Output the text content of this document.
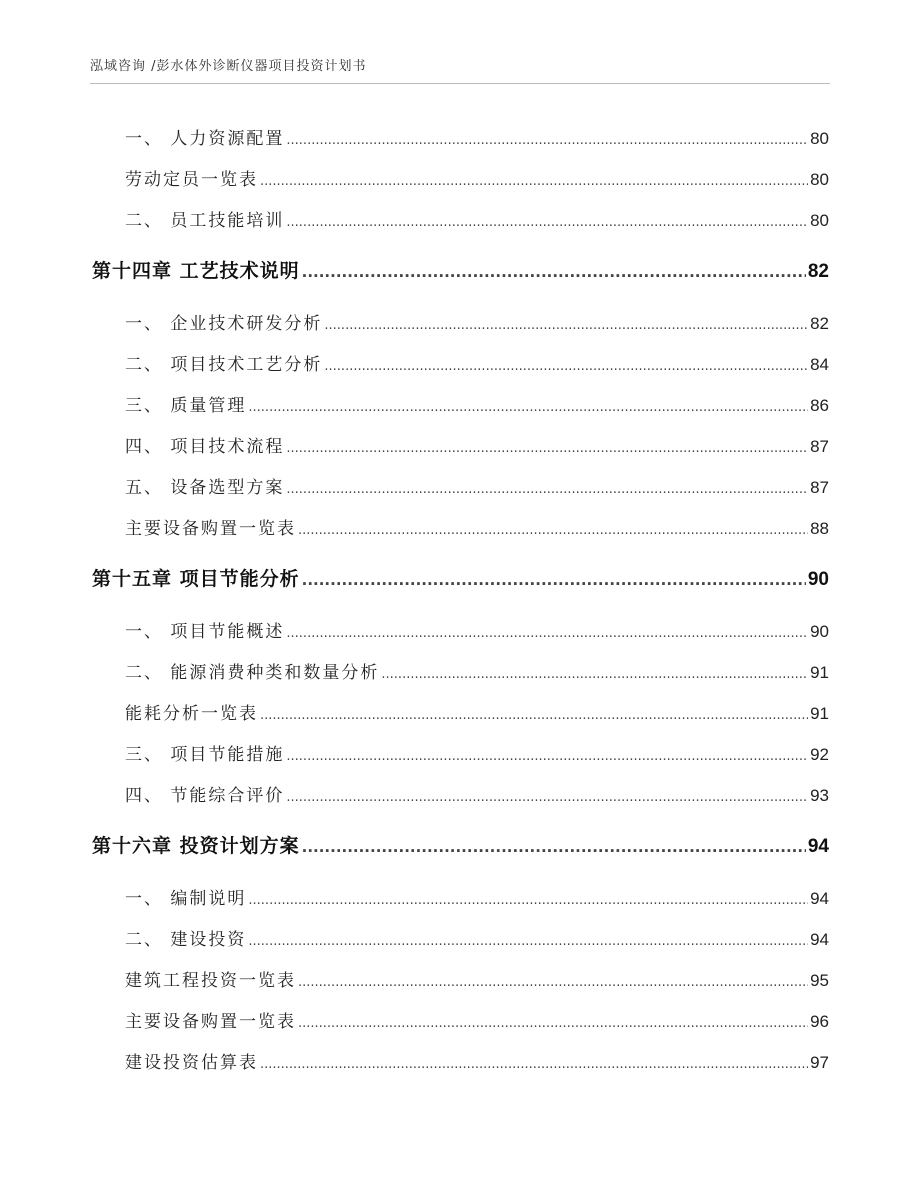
泓域咨询 /彭水体外诊断仪器项目投资计划书
一、 人力资源配置 .....	80
劳动定员一览表 .....	80
二、 员工技能培训 .....	80
第十四章 工艺技术说明 .....	82
一、 企业技术研发分析 .....	82
二、 项目技术工艺分析 .....	84
三、 质量管理 .....	86
四、 项目技术流程 .....	87
五、 设备选型方案 .....	87
主要设备购置一览表 .....	88
第十五章 项目节能分析 .....	90
一、 项目节能概述 .....	90
二、 能源消费种类和数量分析 .....	91
能耗分析一览表 .....	91
三、 项目节能措施 .....	92
四、 节能综合评价 .....	93
第十六章 投资计划方案 .....	94
一、 编制说明 .....	94
二、 建设投资 .....	94
建筑工程投资一览表 .....	95
主要设备购置一览表 .....	96
建设投资估算表 .....	97
